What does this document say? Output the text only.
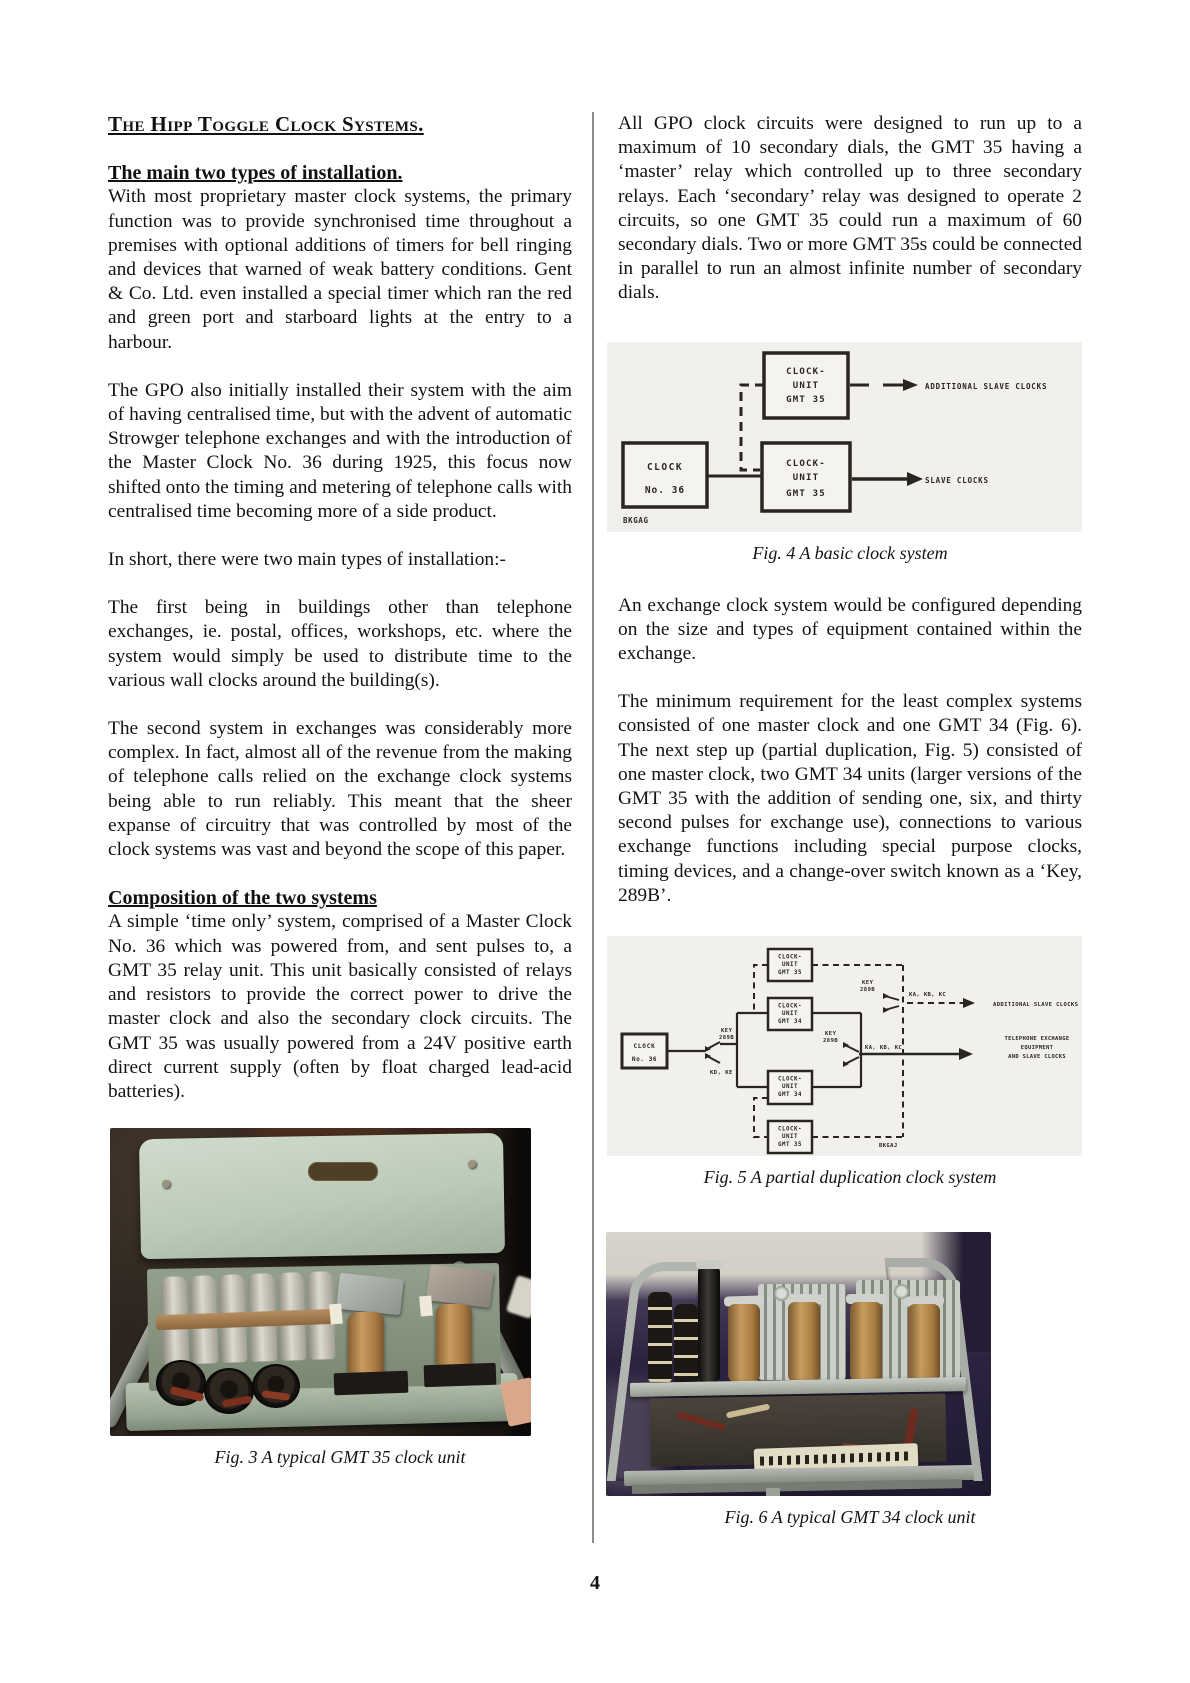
The Hipp Toggle Clock Systems.
The main two types of installation.

With most proprietary master clock systems, the primary function was to provide synchronised time throughout a premises with optional additions of timers for bell ringing and devices that warned of weak battery conditions. Gent & Co. Ltd. even installed a special timer which ran the red and green port and starboard lights at the entry to a harbour.

The GPO also initially installed their system with the aim of having centralised time, but with the advent of automatic Strowger telephone exchanges and with the introduction of the Master Clock No. 36 during 1925, this focus now shifted onto the timing and metering of telephone calls with centralised time becoming more of a side product.

In short, there were two main types of installation:-

The first being in buildings other than telephone exchanges, ie. postal, offices, workshops, etc. where the system would simply be used to distribute time to the various wall clocks around the building(s).

The second system in exchanges was considerably more complex. In fact, almost all of the revenue from the making of telephone calls relied on the exchange clock systems being able to run reliably. This meant that the sheer expanse of circuitry that was controlled by most of the clock systems was vast and beyond the scope of this paper.

Composition of the two systems

A simple ‘time only’ system, comprised of a Master Clock No. 36 which was powered from, and sent pulses to, a GMT 35 relay unit. This unit basically consisted of relays and resistors to provide the correct power to drive the master clock and also the secondary clock circuits. The GMT 35 was usually powered from a 24V positive earth direct current supply (often by float charged lead-acid batteries).

Fig. 3 A typical GMT 35 clock unit

All GPO clock circuits were designed to run up to a maximum of 10 secondary dials, the GMT 35 having a ‘master’ relay which controlled up to three secondary relays. Each ‘secondary’ relay was designed to operate 2 circuits, so one GMT 35 could run a maximum of 60 secondary dials. Two or more GMT 35s could be connected in parallel to run an almost infinite number of secondary dials.

CLOCK-
UNIT
GMT 35
CLOCK
No. 36
CLOCK-
UNIT
GMT 35
ADDITIONAL SLAVE CLOCKS
SLAVE CLOCKS
BKGAG
Fig. 4 A basic clock system

An exchange clock system would be configured depending on the size and types of equipment contained within the exchange.

The minimum requirement for the least complex systems consisted of one master clock and one GMT 34 (Fig. 6). The next step up (partial duplication, Fig. 5) consisted of one master clock, two GMT 34 units (larger versions of the GMT 35 with the addition of sending one, six, and thirty second pulses for exchange use), connections to various exchange functions including special purpose clocks, timing devices, and a change-over switch known as a ‘Key, 289B’.

CLOCK-
UNIT
GMT 35
CLOCK-
UNIT
GMT 34
CLOCK-
UNIT
GMT 34
CLOCK-
UNIT
GMT 35
CLOCK
No. 36
KEY
289B
KD, KE
KEY
289B
KA, KB, KC
KEY
289B
KA, KB, KC
ADDITIONAL SLAVE CLOCKS
TELEPHONE EXCHANGE
EQUIPMENT
AND SLAVE CLOCKS
BKGAJ
Fig. 5 A partial duplication clock system
Fig. 6 A typical GMT 34 clock unit
4
